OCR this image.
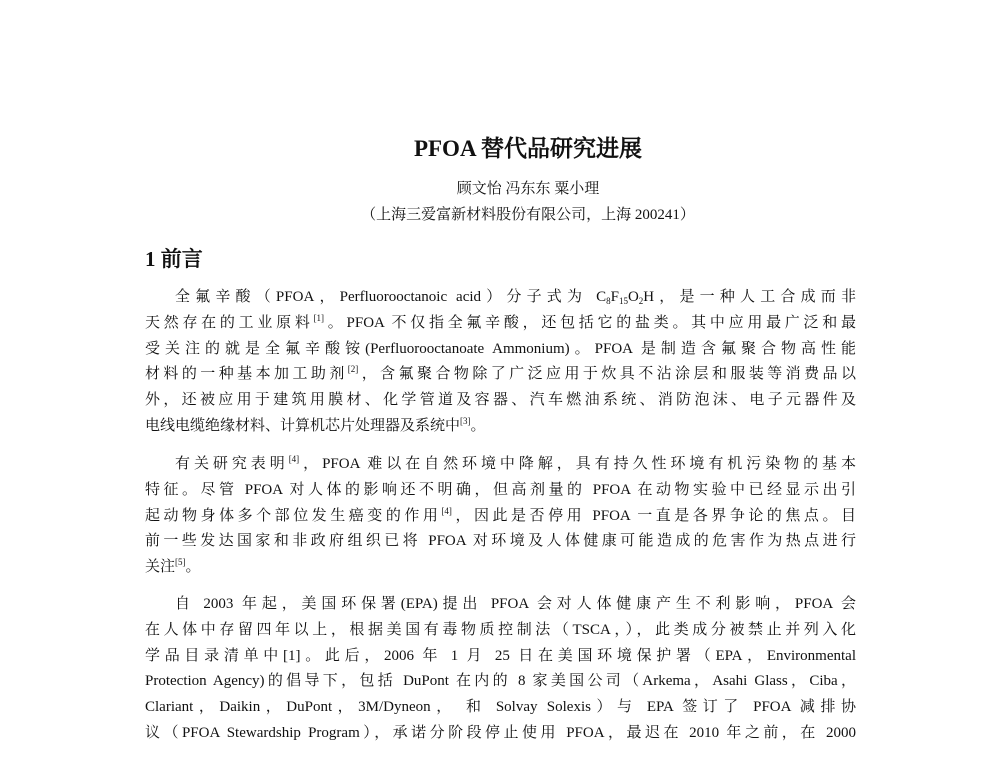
PFOA 替代品研究进展
顾文怡 冯东东 粟小理
（上海三爱富新材料股份有限公司，上海 200241）
1 前言
全氟辛酸（PFOA，Perfluorooctanoic acid）分子式为 $C_8F_{15}O_2H$，是一种人工合成而非
天然存在的工业原料[1]。PFOA 不仅指全氟辛酸，还包括它的盐类。其中应用最广泛和最
受关注的就是全氟辛酸铵(Perfluorooctanoate Ammonium)。PFOA 是制造含氟聚合物高性能
材料的一种基本加工助剂[2]，含氟聚合物除了广泛应用于炊具不沾涂层和服装等消费品以
外，还被应用于建筑用膜材、化学管道及容器、汽车燃油系统、消防泡沫、电子元器件及
电线电缆绝缘材料、计算机芯片处理器及系统中[3]。
有关研究表明[4]，PFOA 难以在自然环境中降解，具有持久性环境有机污染物的基本
特征。尽管 PFOA 对人体的影响还不明确，但高剂量的 PFOA 在动物实验中已经显示出引
起动物身体多个部位发生癌变的作用[4]，因此是否停用 PFOA 一直是各界争论的焦点。目
前一些发达国家和非政府组织已将 PFOA 对环境及人体健康可能造成的危害作为热点进行
关注[5]。
自 2003 年起，美国环保署(EPA)提出 PFOA 会对人体健康产生不利影响，PFOA 会
在人体中存留四年以上，根据美国有毒物质控制法（TSCA，），此类成分被禁止并列入化
学品目录清单中[1]。此后，2006 年 1 月 25 日在美国环境保护署（EPA，Environmental
Protection Agency)的倡导下，包括 DuPont 在内的 8 家美国公司（Arkema，Asahi Glass，Ciba，
Clariant，Daikin，DuPont，3M/Dyneon， 和 Solvay Solexis）与 EPA 签订了 PFOA 减排协
议（PFOA Stewardship Program），承诺分阶段停止使用 PFOA，最迟在 2010 年之前，在 2000
